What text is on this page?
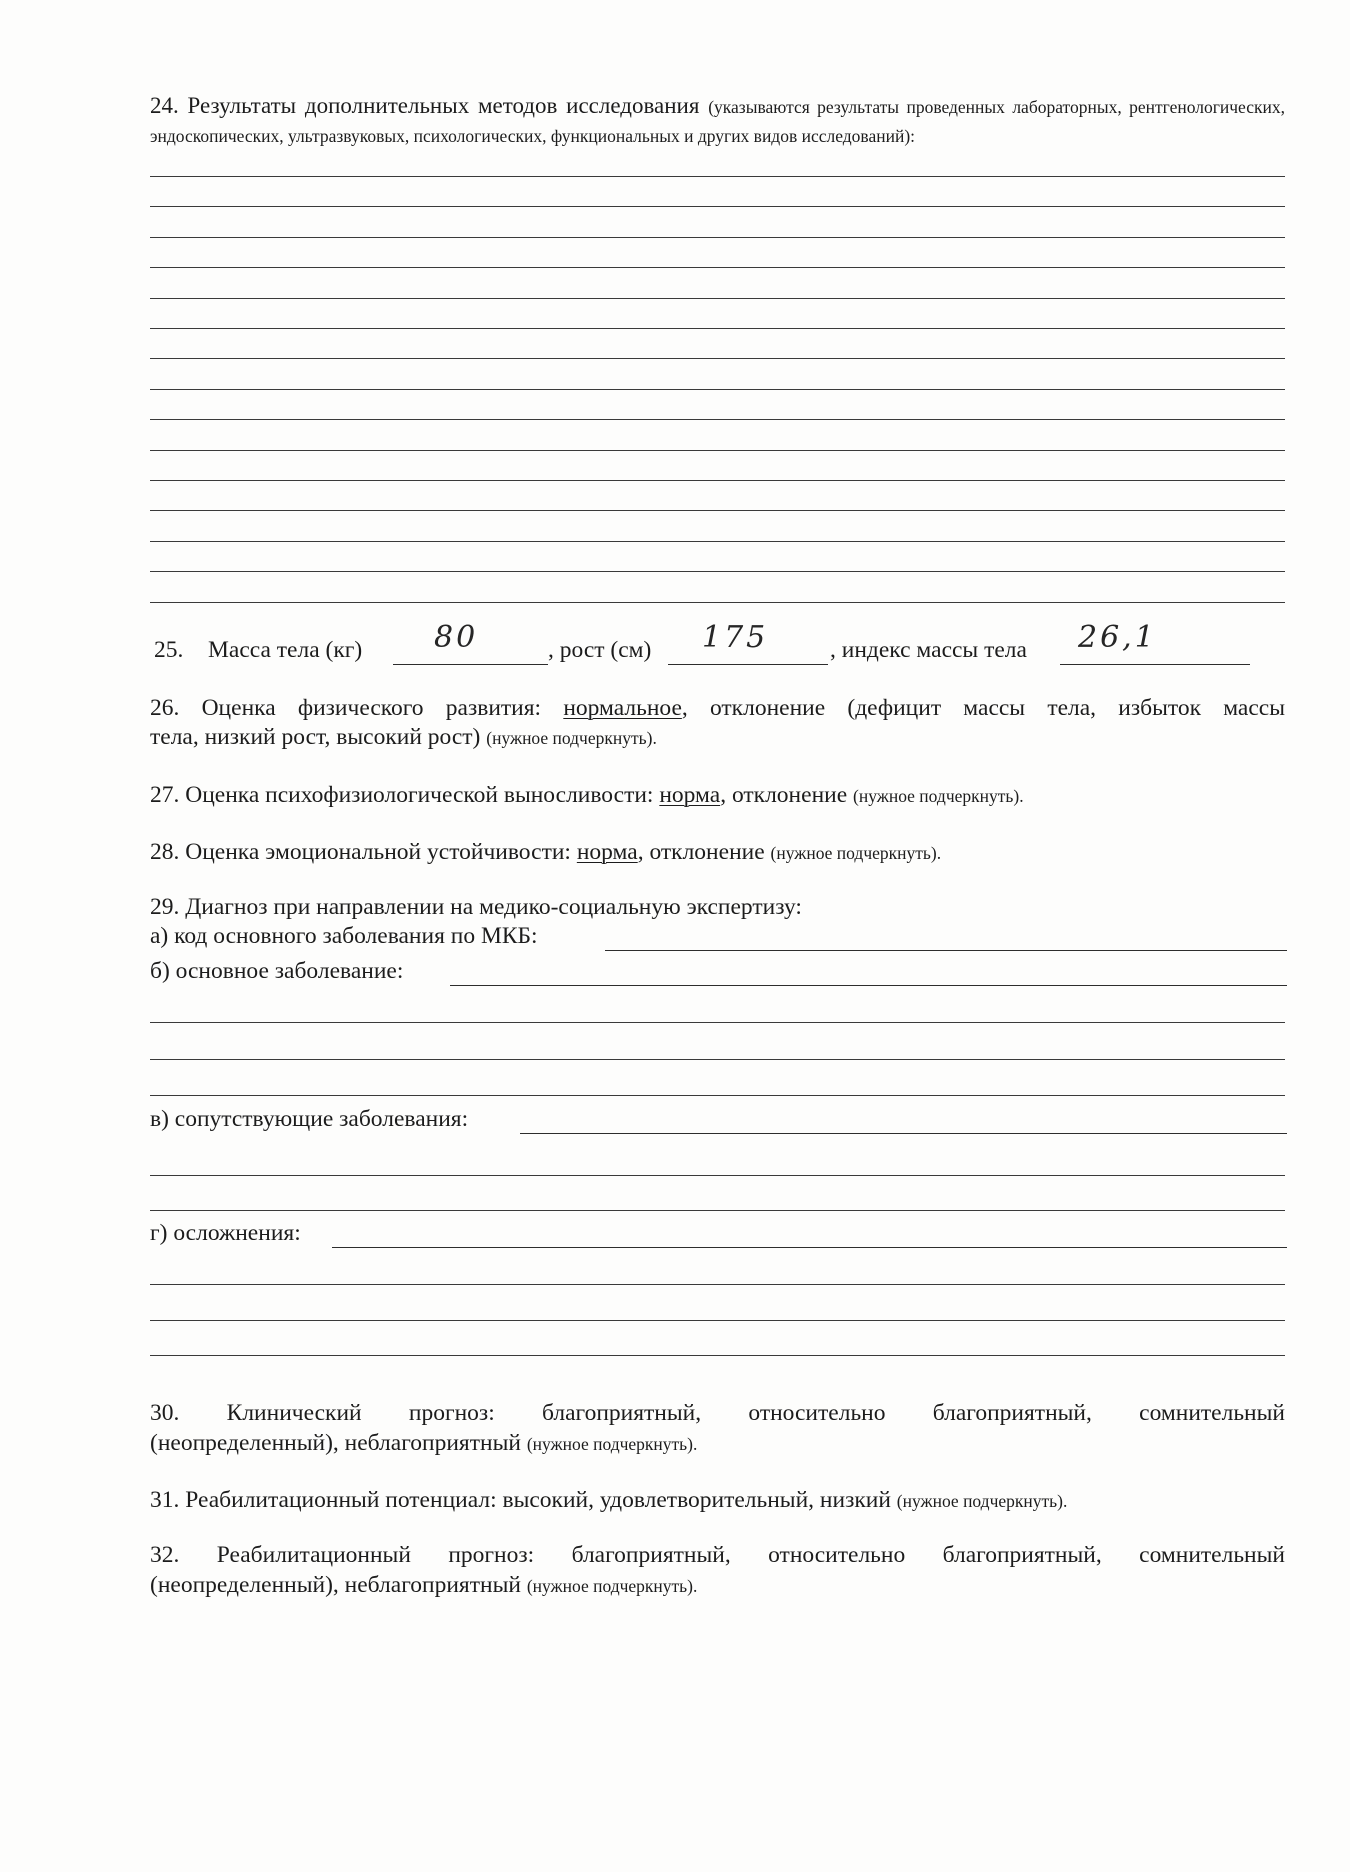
24. Результаты дополнительных методов исследования (указываются результаты проведенных лабораторных, рентгенологических, эндоскопических, ультразвуковых, психологических, функциональных и других видов исследований):
25. Масса тела (кг) 80	, рост (см) 175	, индекс массы тела 26,1
26. Оценка физического развития: нормальное, отклонение (дефицит массы тела, избыток массы
тела, низкий рост, высокий рост) (нужное подчеркнуть).
27. Оценка психофизиологической выносливости: норма, отклонение (нужное подчеркнуть).
28. Оценка эмоциональной устойчивости: норма, отклонение (нужное подчеркнуть).
29. Диагноз при направлении на медико-социальную экспертизу:
а) код основного заболевания по МКБ:
б) основное заболевание:
в) сопутствующие заболевания:
г) осложнения:
30. Клинический прогноз: благоприятный, относительно благоприятный, сомнительный
(неопределенный), неблагоприятный (нужное подчеркнуть).
31. Реабилитационный потенциал: высокий, удовлетворительный, низкий (нужное подчеркнуть).
32. Реабилитационный прогноз: благоприятный, относительно благоприятный, сомнительный
(неопределенный), неблагоприятный (нужное подчеркнуть).
